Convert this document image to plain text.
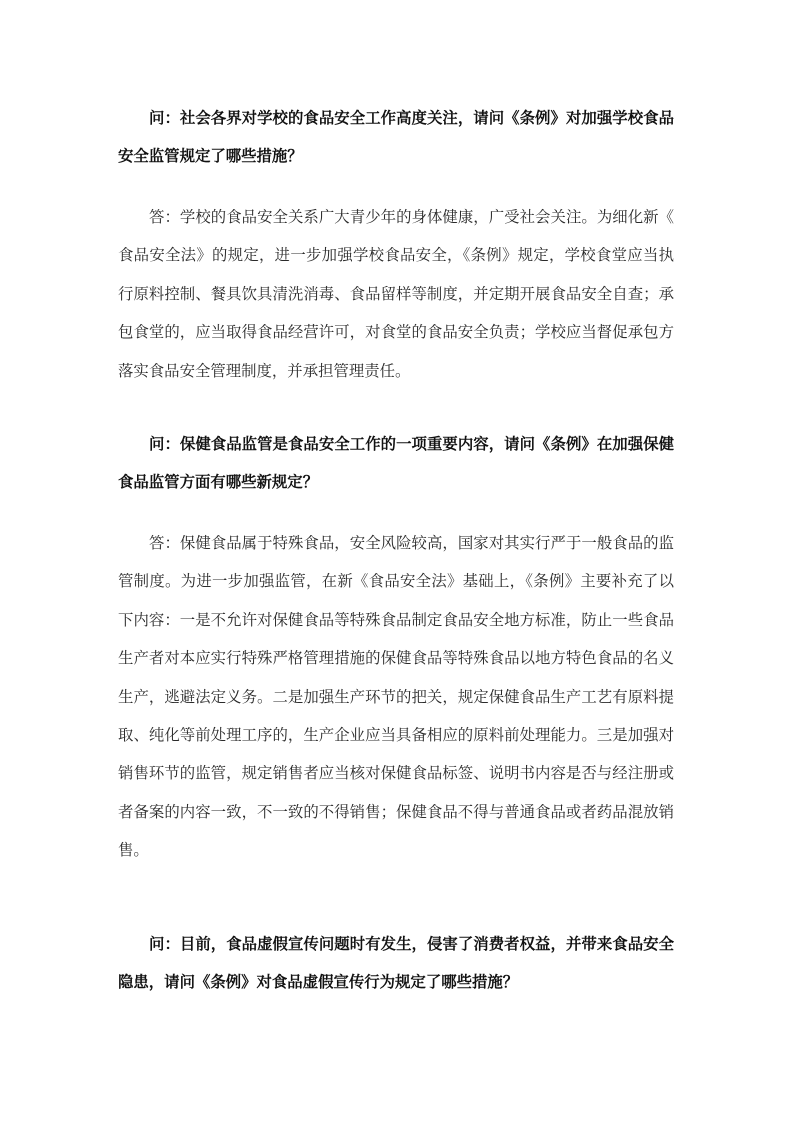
问：社会各界对学校的食品安全工作高度关注，请问《条例》对加强学校食品安全监管规定了哪些措施？

答：学校的食品安全关系广大青少年的身体健康，广受社会关注。为细化新《食品安全法》的规定，进一步加强学校食品安全，《条例》规定，学校食堂应当执行原料控制、餐具饮具清洗消毒、食品留样等制度，并定期开展食品安全自查；承包食堂的，应当取得食品经营许可，对食堂的食品安全负责；学校应当督促承包方落实食品安全管理制度，并承担管理责任。

问：保健食品监管是食品安全工作的一项重要内容，请问《条例》在加强保健食品监管方面有哪些新规定？

答：保健食品属于特殊食品，安全风险较高，国家对其实行严于一般食品的监管制度。为进一步加强监管，在新《食品安全法》基础上，《条例》主要补充了以下内容：一是不允许对保健食品等特殊食品制定食品安全地方标准，防止一些食品生产者对本应实行特殊严格管理措施的保健食品等特殊食品以地方特色食品的名义生产，逃避法定义务。二是加强生产环节的把关，规定保健食品生产工艺有原料提取、纯化等前处理工序的，生产企业应当具备相应的原料前处理能力。三是加强对销售环节的监管，规定销售者应当核对保健食品标签、说明书内容是否与经注册或者备案的内容一致，不一致的不得销售；保健食品不得与普通食品或者药品混放销售。

问：目前，食品虚假宣传问题时有发生，侵害了消费者权益，并带来食品安全隐患，请问《条例》对食品虚假宣传行为规定了哪些措施？
